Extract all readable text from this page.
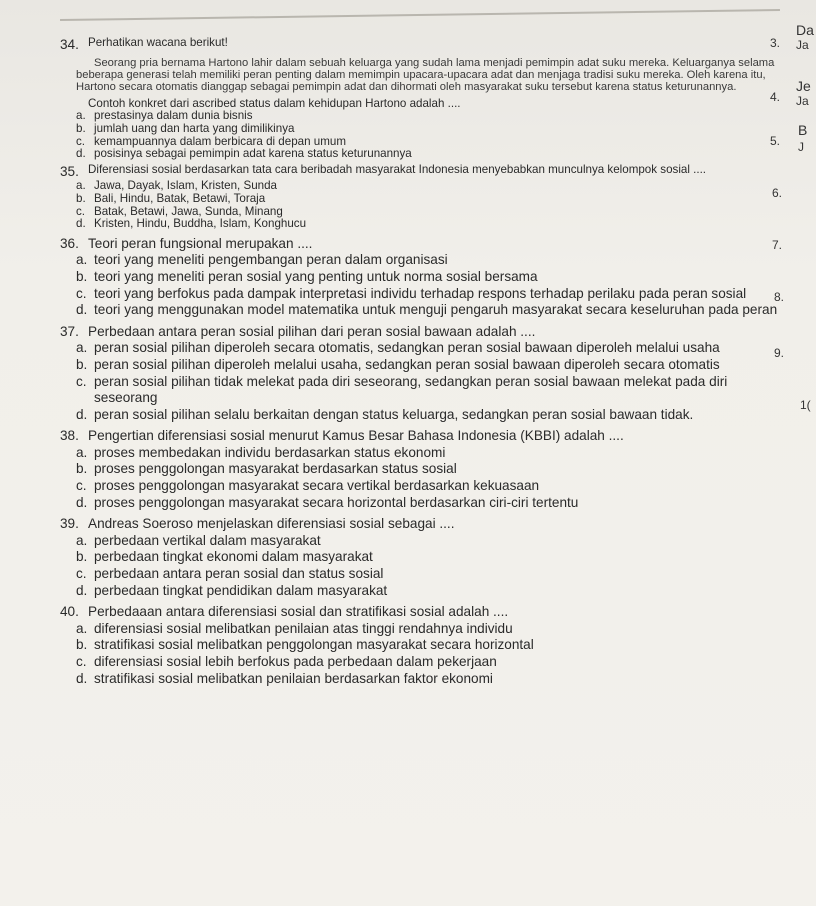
34. Perhatikan wacana berikut!

Seorang pria bernama Hartono lahir dalam sebuah keluarga yang sudah lama menjadi pemimpin adat suku mereka. Keluarganya selama beberapa generasi telah memiliki peran penting dalam memimpin upacara-upacara adat dan menjaga tradisi suku mereka. Oleh karena itu, Hartono secara otomatis dianggap sebagai pemimpin adat dan dihormati oleh masyarakat suku tersebut karena status keturunannya.

Contoh konkret dari ascribed status dalam kehidupan Hartono adalah ....
a. prestasinya dalam dunia bisnis
b. jumlah uang dan harta yang dimilikinya
c. kemampuannya dalam berbicara di depan umum
d. posisinya sebagai pemimpin adat karena status keturunannya
35. Diferensiasi sosial berdasarkan tata cara beribadah masyarakat Indonesia menyebabkan munculnya kelompok sosial ....
a. Jawa, Dayak, Islam, Kristen, Sunda
b. Bali, Hindu, Batak, Betawi, Toraja
c. Batak, Betawi, Jawa, Sunda, Minang
d. Kristen, Hindu, Buddha, Islam, Konghucu
36. Teori peran fungsional merupakan ....
a. teori yang meneliti pengembangan peran dalam organisasi
b. teori yang meneliti peran sosial yang penting untuk norma sosial bersama
c. teori yang berfokus pada dampak interpretasi individu terhadap respons terhadap perilaku pada peran sosial
d. teori yang menggunakan model matematika untuk menguji pengaruh masyarakat secara keseluruhan pada peran
37. Perbedaan antara peran sosial pilihan dari peran sosial bawaan adalah ....
a. peran sosial pilihan diperoleh secara otomatis, sedangkan peran sosial bawaan diperoleh melalui usaha
b. peran sosial pilihan diperoleh melalui usaha, sedangkan peran sosial bawaan diperoleh secara otomatis
c. peran sosial pilihan tidak melekat pada diri seseorang, sedangkan peran sosial bawaan melekat pada diri seseorang
d. peran sosial pilihan selalu berkaitan dengan status keluarga, sedangkan peran sosial bawaan tidak.
38. Pengertian diferensiasi sosial menurut Kamus Besar Bahasa Indonesia (KBBI) adalah ....
a. proses membedakan individu berdasarkan status ekonomi
b. proses penggolongan masyarakat berdasarkan status sosial
c. proses penggolongan masyarakat secara vertikal berdasarkan kekuasaan
d. proses penggolongan masyarakat secara horizontal berdasarkan ciri-ciri tertentu
39. Andreas Soeroso menjelaskan diferensiasi sosial sebagai ....
a. perbedaan vertikal dalam masyarakat
b. perbedaan tingkat ekonomi dalam masyarakat
c. perbedaan antara peran sosial dan status sosial
d. perbedaan tingkat pendidikan dalam masyarakat
40. Perbedaaan antara diferensiasi sosial dan stratifikasi sosial adalah ....
a. diferensiasi sosial melibatkan penilaian atas tinggi rendahnya individu
b. stratifikasi sosial melibatkan penggolongan masyarakat secara horizontal
c. diferensiasi sosial lebih berfokus pada perbedaan dalam pekerjaan
d. stratifikasi sosial melibatkan penilaian berdasarkan faktor ekonomi
3.
Da
Ja
4.
Je
Ja
5.
B
J
6.
7.
8.
9.
1(
